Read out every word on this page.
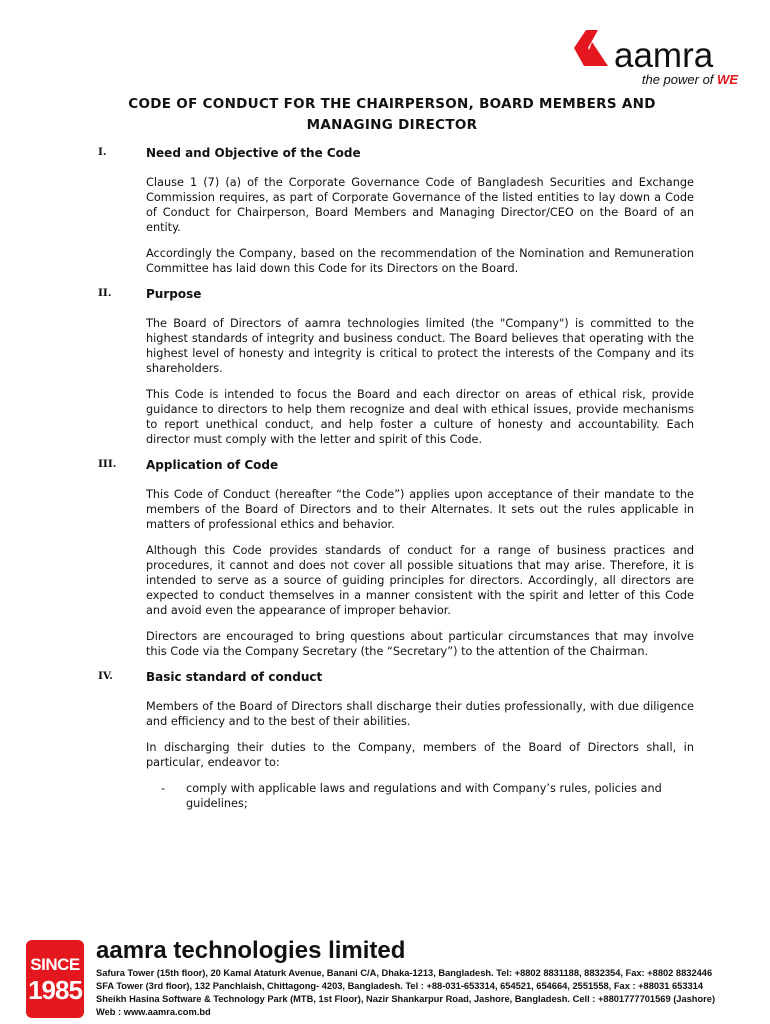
aamra
the power of WE
CODE OF CONDUCT FOR THE CHAIRPERSON, BOARD MEMBERS AND
MANAGING DIRECTOR
I.	Need and Objective of the Code

Clause 1 (7) (a) of the Corporate Governance Code of Bangladesh Securities and Exchange Commission requires, as part of Corporate Governance of the listed entities to lay down a Code of Conduct for Chairperson, Board Members and Managing Director/CEO on the Board of an entity.

Accordingly the Company, based on the recommendation of the Nomination and Remuneration Committee has laid down this Code for its Directors on the Board.

II.	Purpose

The Board of Directors of aamra technologies limited (the "Company") is committed to the highest standards of integrity and business conduct. The Board believes that operating with the highest level of honesty and integrity is critical to protect the interests of the Company and its shareholders.

This Code is intended to focus the Board and each director on areas of ethical risk, provide guidance to directors to help them recognize and deal with ethical issues, provide mechanisms to report unethical conduct, and help foster a culture of honesty and accountability. Each director must comply with the letter and spirit of this Code.

III. Application of Code

This Code of Conduct (hereafter “the Code”) applies upon acceptance of their mandate to the members of the Board of Directors and to their Alternates. It sets out the rules applicable in matters of professional ethics and behavior.

Although this Code provides standards of conduct for a range of business practices and procedures, it cannot and does not cover all possible situations that may arise. Therefore, it is intended to serve as a source of guiding principles for directors. Accordingly, all directors are expected to conduct themselves in a manner consistent with the spirit and letter of this Code and avoid even the appearance of improper behavior.

Directors are encouraged to bring questions about particular circumstances that may involve this Code via the Company Secretary (the “Secretary”) to the attention of the Chairman.

IV.	Basic standard of conduct

Members of the Board of Directors shall discharge their duties professionally, with due diligence and efficiency and to the best of their abilities.

In discharging their duties to the Company, members of the Board of Directors shall, in particular, endeavor to:

- comply with applicable laws and regulations and with Company’s rules, policies and guidelines;
SINCE
1985
aamra technologies limited
Safura Tower (15th floor), 20 Kamal Ataturk Avenue, Banani C/A, Dhaka-1213, Bangladesh. Tel: +8802 8831188, 8832354, Fax: +8802 8832446
SFA Tower (3rd floor), 132 Panchlaish, Chittagong- 4203, Bangladesh. Tel : +88-031-653314, 654521, 654664, 2551558, Fax : +88031 653314
Sheikh Hasina Software & Technology Park (MTB, 1st Floor), Nazir Shankarpur Road, Jashore, Bangladesh. Cell : +8801777701569 (Jashore)
Web : www.aamra.com.bd
